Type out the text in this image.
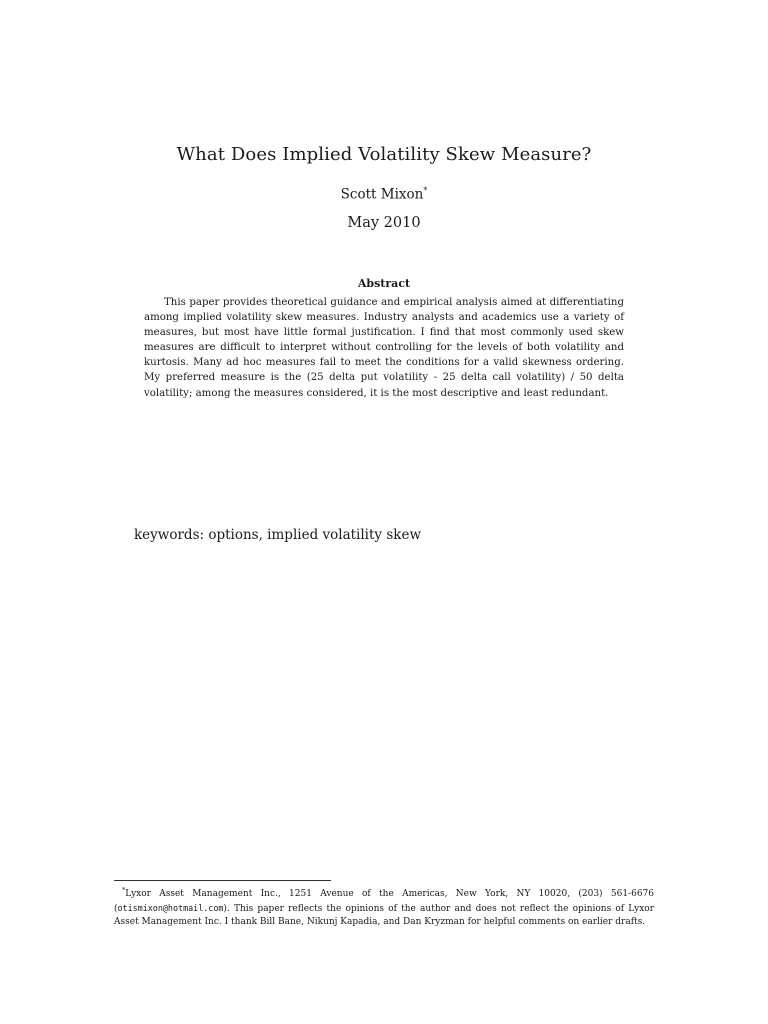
What Does Implied Volatility Skew Measure?
Scott Mixon*
May 2010
Abstract
This paper provides theoretical guidance and empirical analysis aimed at differentiating among implied volatility skew measures. Industry analysts and academics use a variety of measures, but most have little formal justification. I find that most commonly used skew measures are difficult to interpret without controlling for the levels of both volatility and kurtosis. Many ad hoc measures fail to meet the conditions for a valid skewness ordering. My preferred measure is the (25 delta put volatility - 25 delta call volatility) / 50 delta volatility; among the measures considered, it is the most descriptive and least redundant.
keywords: options, implied volatility skew
*Lyxor Asset Management Inc., 1251 Avenue of the Americas, New York, NY 10020, (203) 561-6676 (otismixon@hotmail.com). This paper reflects the opinions of the author and does not reflect the opinions of Lyxor Asset Management Inc. I thank Bill Bane, Nikunj Kapadia, and Dan Kryzman for helpful comments on earlier drafts.
